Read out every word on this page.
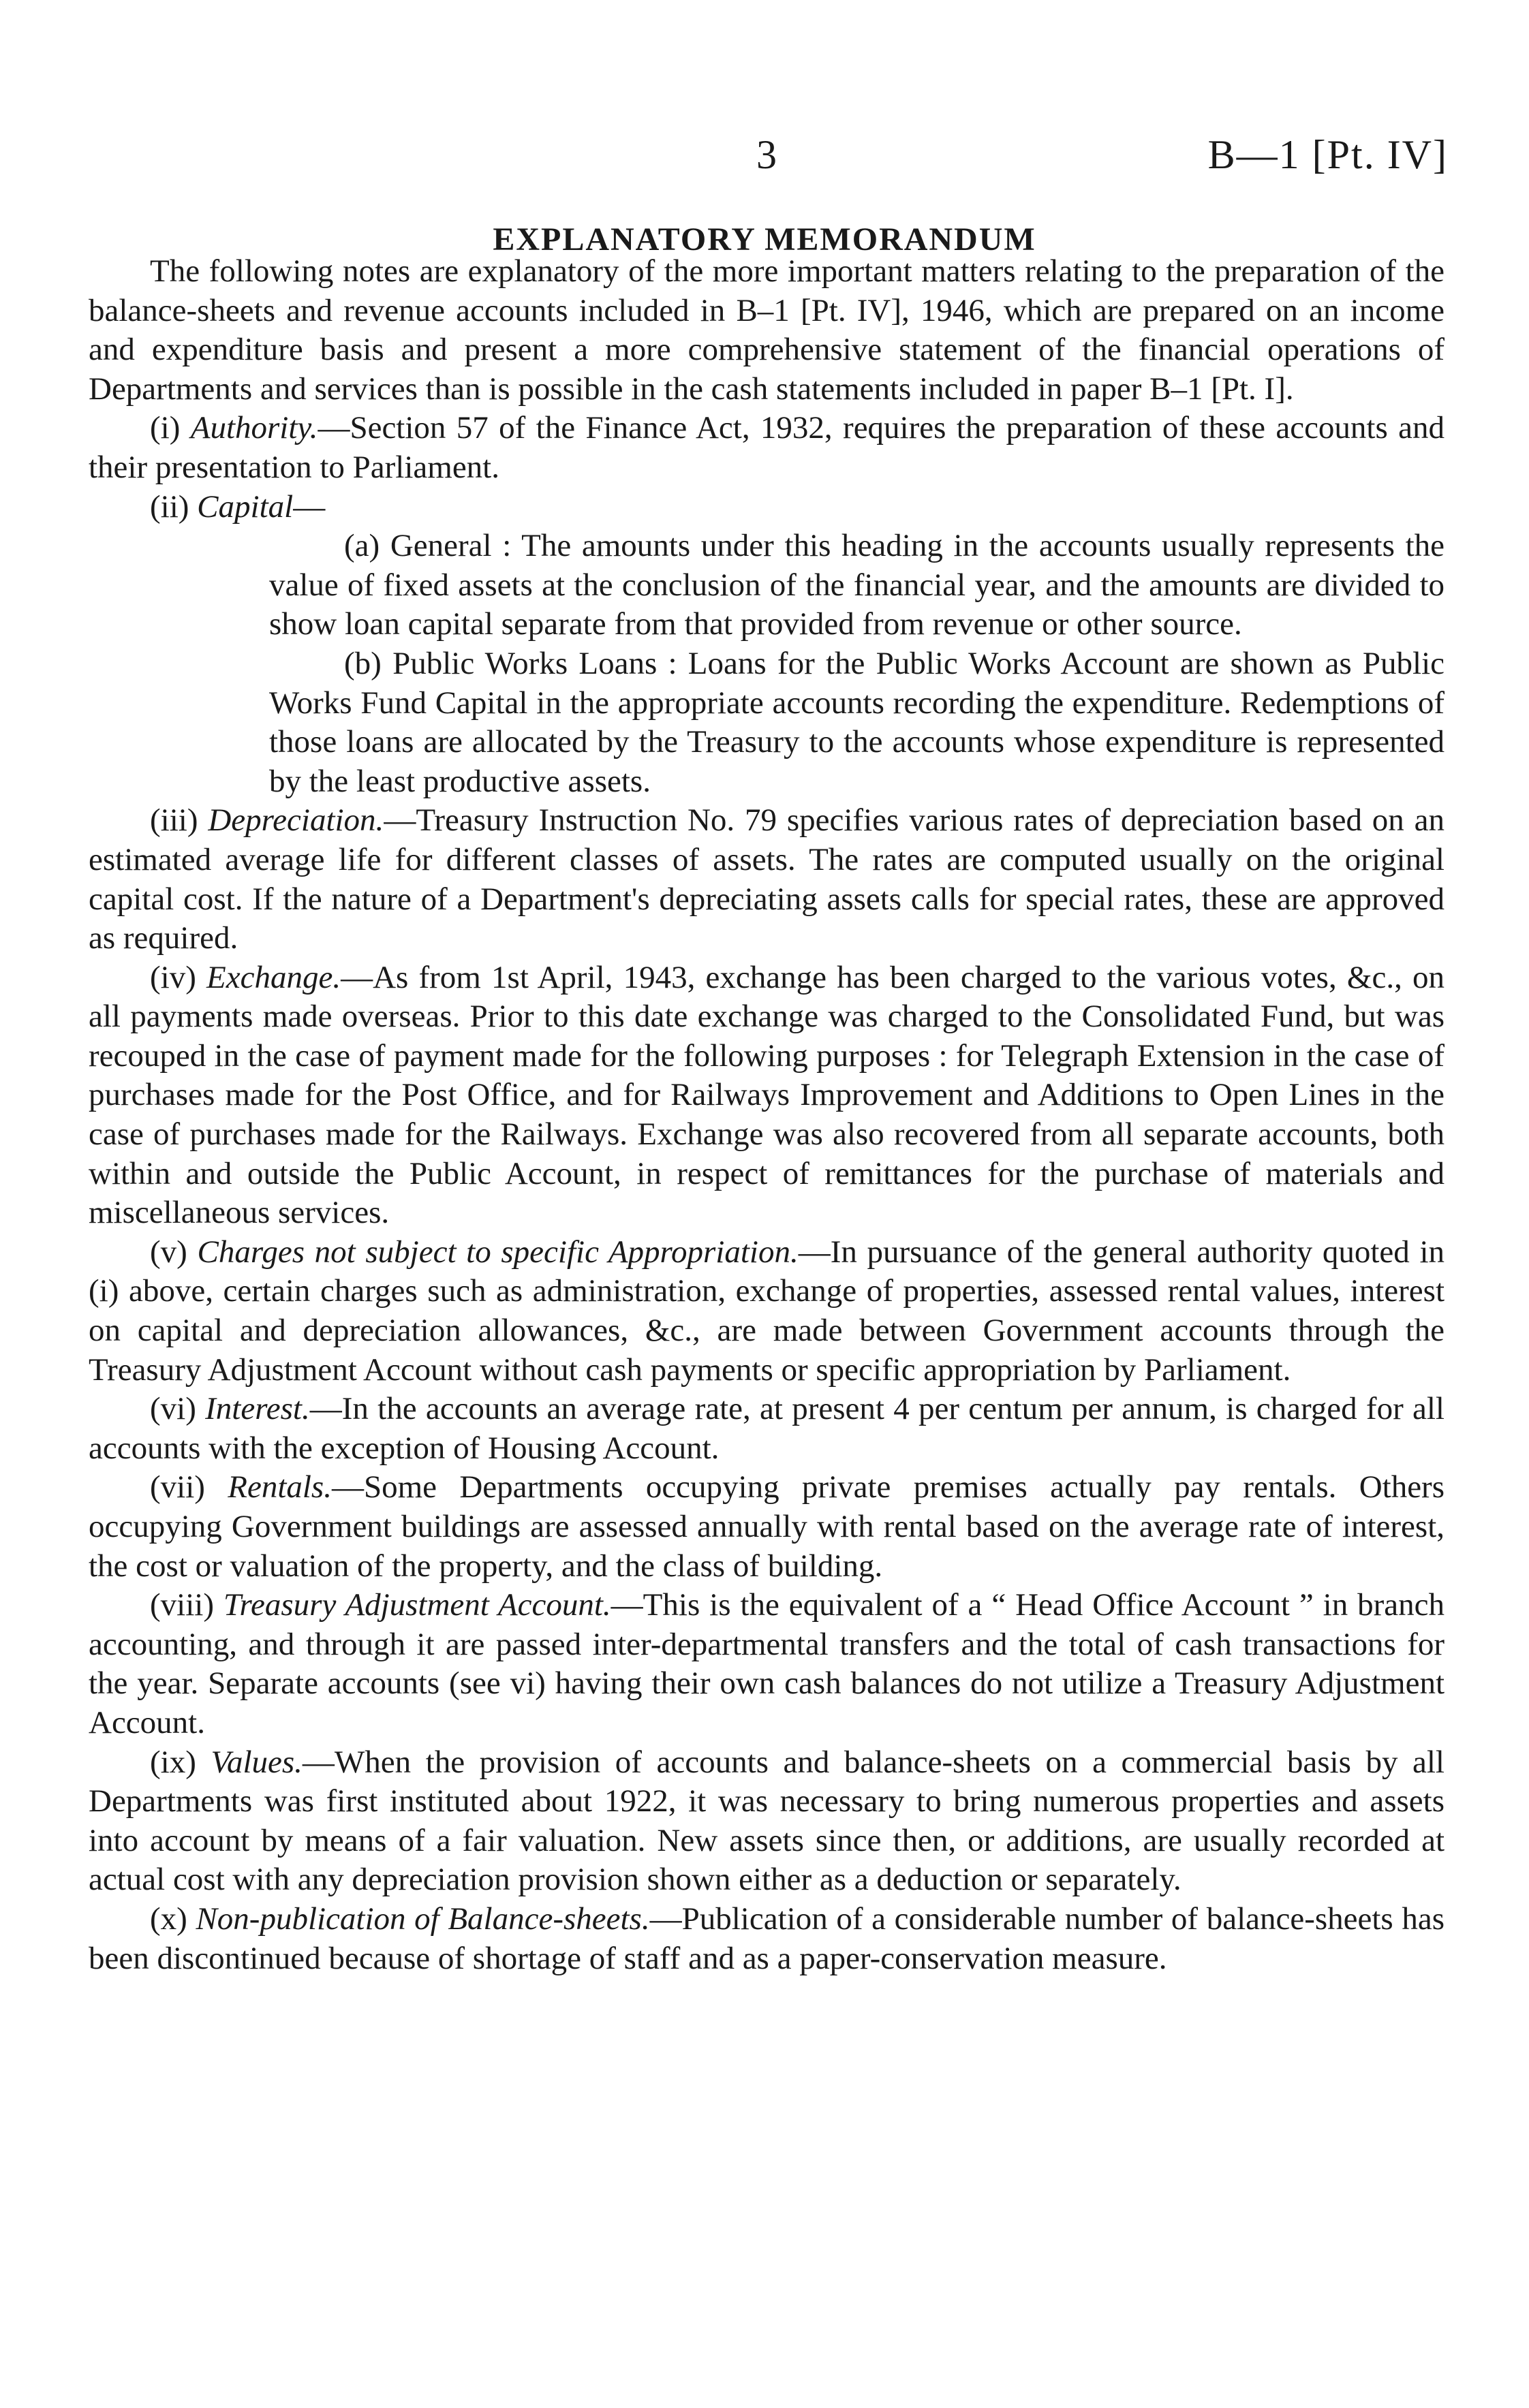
3	B—1 [Pt. IV]
EXPLANATORY MEMORANDUM

The following notes are explanatory of the more important matters relating to the preparation of the balance-sheets and revenue accounts included in B–1 [Pt. IV], 1946, which are prepared on an income and expenditure basis and present a more comprehensive statement of the financial operations of Departments and services than is possible in the cash statements included in paper B–1 [Pt. I].

(i) Authority.—Section 57 of the Finance Act, 1932, requires the preparation of these accounts and their presentation to Parliament.

(ii) Capital—

(a) General : The amounts under this heading in the accounts usually represents the value of fixed assets at the conclusion of the financial year, and the amounts are divided to show loan capital separate from that provided from revenue or other source.

(b) Public Works Loans : Loans for the Public Works Account are shown as Public Works Fund Capital in the appropriate accounts recording the expenditure. Redemptions of those loans are allocated by the Treasury to the accounts whose expenditure is represented by the least productive assets.

(iii) Depreciation.—Treasury Instruction No. 79 specifies various rates of depreciation based on an estimated average life for different classes of assets. The rates are computed usually on the original capital cost. If the nature of a Department's depreciating assets calls for special rates, these are approved as required.

(iv) Exchange.—As from 1st April, 1943, exchange has been charged to the various votes, &c., on all payments made overseas. Prior to this date exchange was charged to the Consolidated Fund, but was recouped in the case of payment made for the following purposes : for Telegraph Extension in the case of purchases made for the Post Office, and for Railways Improvement and Additions to Open Lines in the case of purchases made for the Railways. Exchange was also recovered from all separate accounts, both within and outside the Public Account, in respect of remittances for the purchase of materials and miscellaneous services.

(v) Charges not subject to specific Appropriation.—In pursuance of the general authority quoted in (i) above, certain charges such as administration, exchange of properties, assessed rental values, interest on capital and depreciation allowances, &c., are made between Government accounts through the Treasury Adjustment Account without cash payments or specific appropriation by Parliament.

(vi) Interest.—In the accounts an average rate, at present 4 per centum per annum, is charged for all accounts with the exception of Housing Account.

(vii) Rentals.—Some Departments occupying private premises actually pay rentals. Others occupying Government buildings are assessed annually with rental based on the average rate of interest, the cost or valuation of the property, and the class of building.

(viii) Treasury Adjustment Account.—This is the equivalent of a “ Head Office Account ” in branch accounting, and through it are passed inter-departmental transfers and the total of cash transactions for the year. Separate accounts (see vi) having their own cash balances do not utilize a Treasury Adjustment Account.

(ix) Values.—When the provision of accounts and balance-sheets on a commercial basis by all Departments was first instituted about 1922, it was necessary to bring numerous properties and assets into account by means of a fair valuation. New assets since then, or additions, are usually recorded at actual cost with any depreciation provision shown either as a deduction or separately.

(x) Non-publication of Balance-sheets.—Publication of a considerable number of balance-sheets has been discontinued because of shortage of staff and as a paper-conservation measure.
